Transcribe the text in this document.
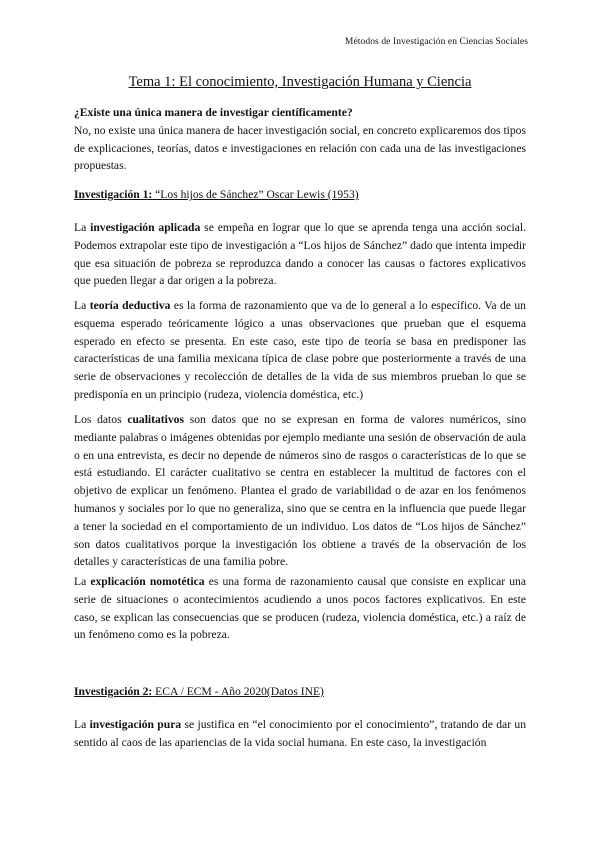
Métodos de Investigación en Ciencias Sociales
Tema 1: El conocimiento, Investigación Humana y Ciencia
¿Existe una única manera de investigar científicamente?
No, no existe una única manera de hacer investigación social, en concreto explicaremos dos tipos de explicaciones, teorías, datos e investigaciones en relación con cada una de las investigaciones propuestas.
Investigación 1: “Los hijos de Sánchez” Oscar Lewis (1953)
La investigación aplicada se empeña en lograr que lo que se aprenda tenga una acción social. Podemos extrapolar este tipo de investigación a “Los hijos de Sánchez” dado que intenta impedir que esa situación de pobreza se reproduzca dando a conocer las causas o factores explicativos que pueden llegar a dar origen a la pobreza.
La teoría deductiva es la forma de razonamiento que va de lo general a lo específico. Va de un esquema esperado teóricamente lógico a unas observaciones que prueban que el esquema esperado en efecto se presenta. En este caso, este tipo de teoría se basa en predisponer las características de una familia mexicana típica de clase pobre que posteriormente a través de una serie de observaciones y recolección de detalles de la vida de sus miembros prueban lo que se predisponía en un principio (rudeza, violencia doméstica, etc.)
Los datos cualitativos son datos que no se expresan en forma de valores numéricos, sino mediante palabras o imágenes obtenidas por ejemplo mediante una sesión de observación de aula o en una entrevista, es decir no depende de números sino de rasgos o características de lo que se está estudiando. El carácter cualitativo se centra en establecer la multitud de factores con el objetivo de explicar un fenómeno. Plantea el grado de variabilidad o de azar en los fenómenos humanos y sociales por lo que no generaliza, sino que se centra en la influencia que puede llegar a tener la sociedad en el comportamiento de un individuo. Los datos de “Los hijos de Sánchez” son datos cualitativos porque la investigación los obtiene a través de la observación de los detalles y características de una familia pobre.
La explicación nomotética es una forma de razonamiento causal que consiste en explicar una serie de situaciones o acontecimientos acudiendo a unos pocos factores explicativos. En este caso, se explican las consecuencias que se producen (rudeza, violencia doméstica, etc.) a raíz de un fenómeno como es la pobreza.
Investigación 2: ECA / ECM - Año 2020(Datos INE)
La investigación pura se justifica en “el conocimiento por el conocimiento”, tratando de dar un sentido al caos de las apariencias de la vida social humana. En este caso, la investigación
